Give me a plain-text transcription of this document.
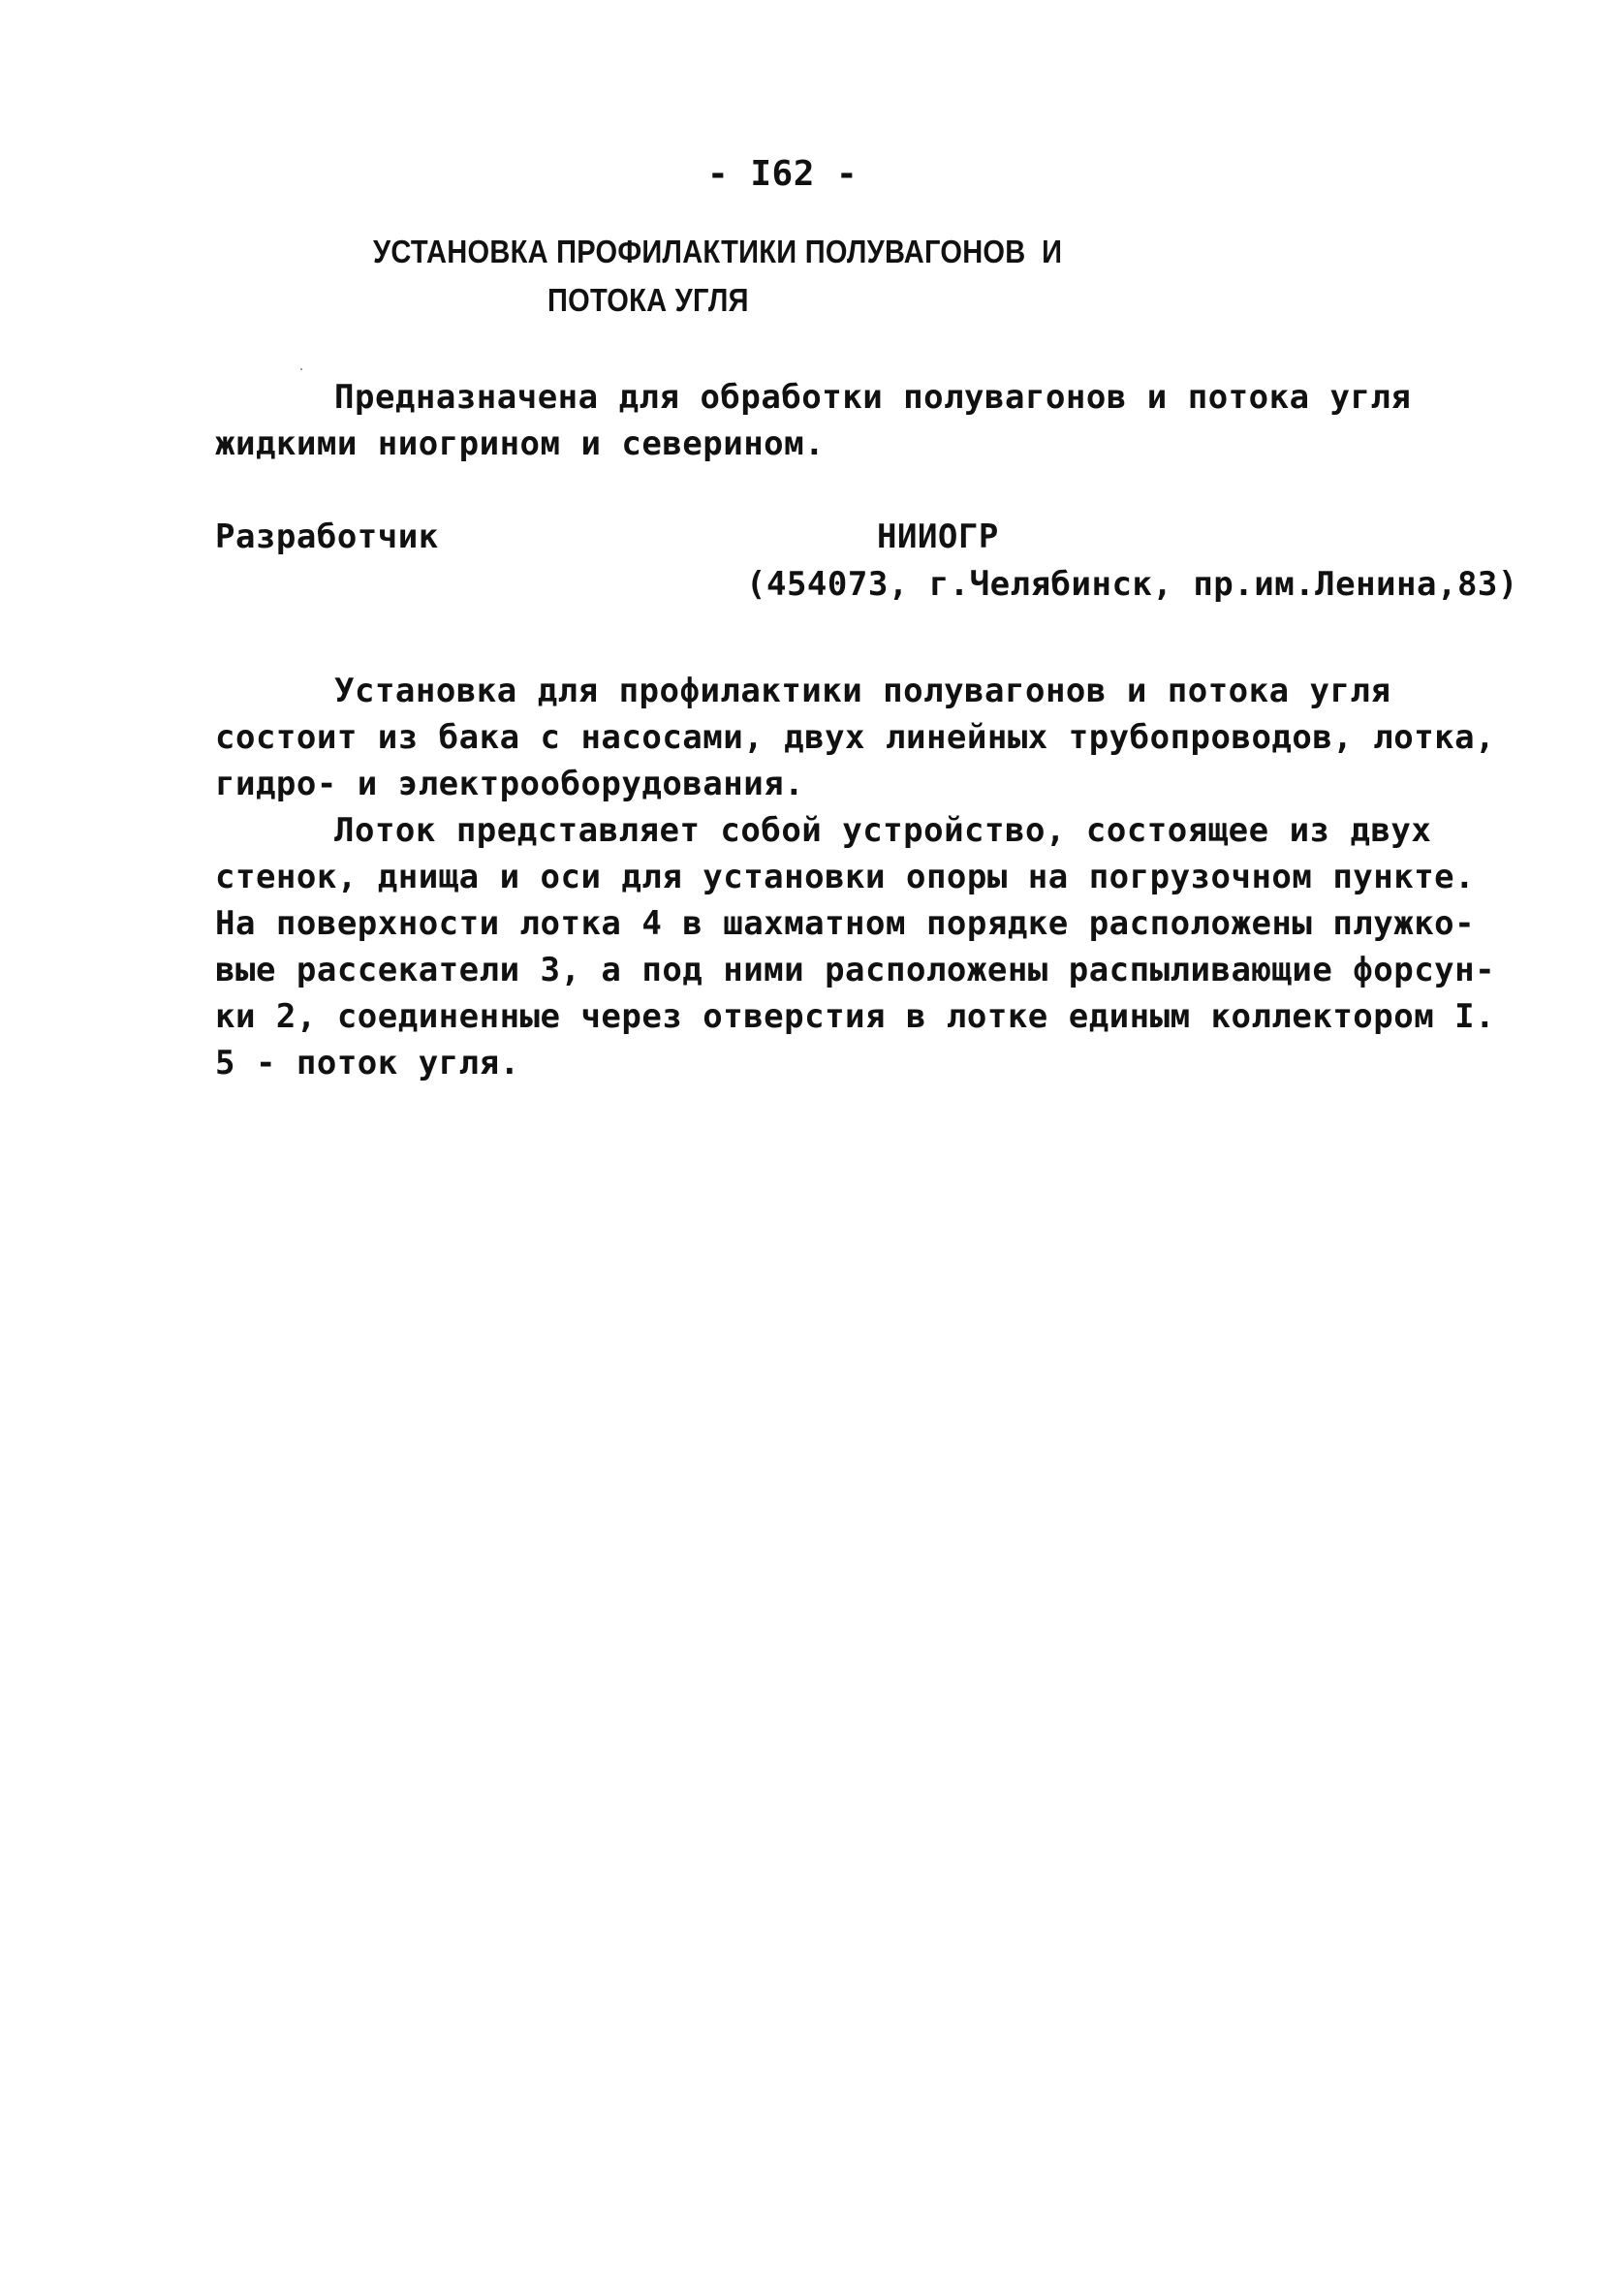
- I62 -
УСТАНОВКА ПРОФИЛАКТИКИ ПОЛУВАГОНОВ  И
ПОТОКА УГЛЯ
Предназначена для обработки полувагонов и потока угля
жидкими ниогрином и северином.
Разработчик	НИИОГР
(454073, г.Челябинск, пр.им.Ленина,83)
Установка для профилактики полувагонов и потока угля
состоит из бака с насосами, двух линейных трубопроводов, лотка,
гидро- и электрооборудования.
Лоток представляет собой устройство, состоящее из двух
стенок, днища и оси для установки опоры на погрузочном пункте.
На поверхности лотка 4 в шахматном порядке расположены плужко-
вые рассекатели 3, а под ними расположены распыливающие форсун-
ки 2, соединенные через отверстия в лотке единым коллектором I.
5 - поток угля.
